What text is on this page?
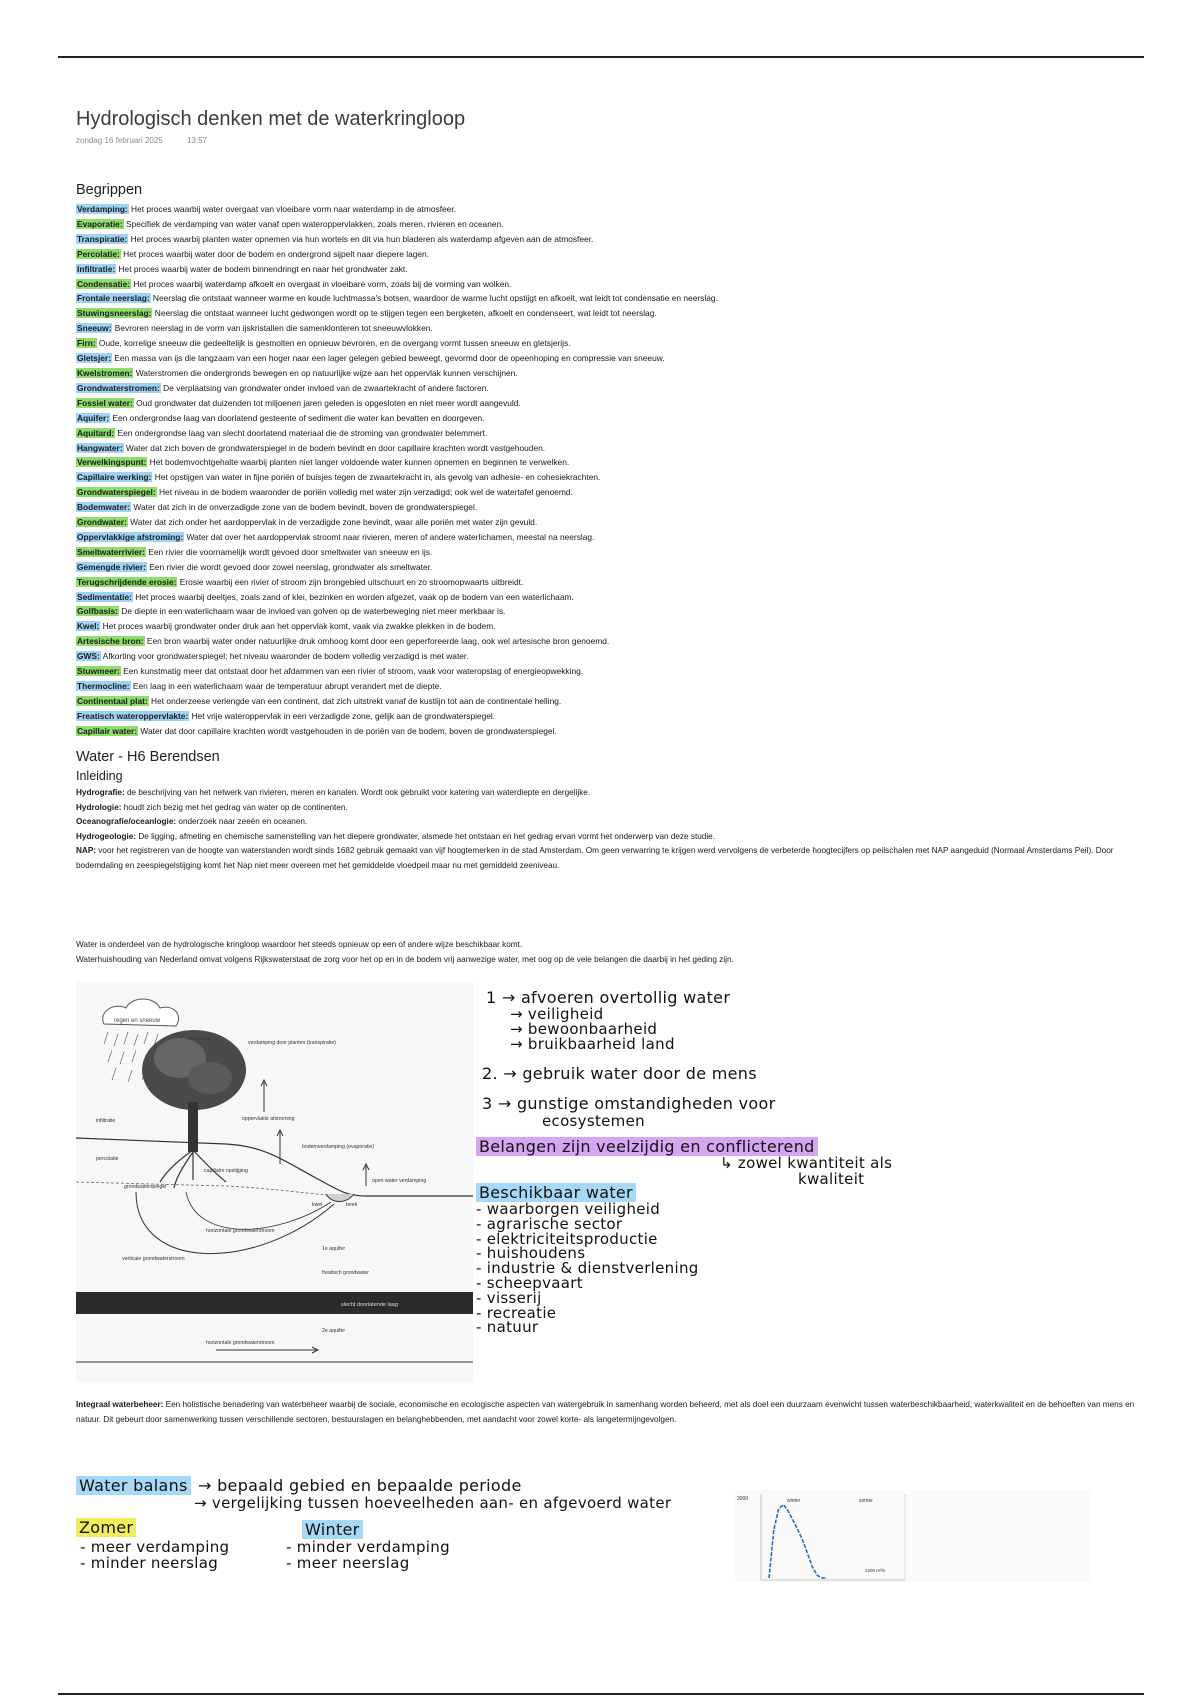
Hydrologisch denken met de waterkringloop
zondag 16 februari 2025	13:57
Begrippen
Verdamping: Het proces waarbij water overgaat van vloeibare vorm naar waterdamp in de atmosfeer.
Evaporatie: Specifiek de verdamping van water vanaf open wateroppervlakken, zoals meren, rivieren en oceanen.
Transpiratie: Het proces waarbij planten water opnemen via hun wortels en dit via hun bladeren als waterdamp afgeven aan de atmosfeer.
Percolatie: Het proces waarbij water door de bodem en ondergrond sijpelt naar diepere lagen.
Infiltratie: Het proces waarbij water de bodem binnendringt en naar het grondwater zakt.
Condensatie: Het proces waarbij waterdamp afkoelt en overgaat in vloeibare vorm, zoals bij de vorming van wolken.
Frontale neerslag: Neerslag die ontstaat wanneer warme en koude luchtmassa's botsen, waardoor de warme lucht opstijgt en afkoelt, wat leidt tot condensatie en neerslag.
Stuwingsneerslag: Neerslag die ontstaat wanneer lucht gedwongen wordt op te stijgen tegen een bergketen, afkoelt en condenseert, wat leidt tot neerslag.
Sneeuw: Bevroren neerslag in de vorm van ijskristallen die samenklonteren tot sneeuwvlokken.
Firn: Oude, korrelige sneeuw die gedeeltelijk is gesmolten en opnieuw bevroren, en de overgang vormt tussen sneeuw en gletsjerijs.
Gletsjer: Een massa van ijs die langzaam van een hoger naar een lager gelegen gebied beweegt, gevormd door de opeenhoping en compressie van sneeuw.
Kwelstromen: Waterstromen die ondergronds bewegen en op natuurlijke wijze aan het oppervlak kunnen verschijnen.
Grondwaterstromen: De verplaatsing van grondwater onder invloed van de zwaartekracht of andere factoren.
Fossiel water: Oud grondwater dat duizenden tot miljoenen jaren geleden is opgesloten en niet meer wordt aangevuld.
Aquifer: Een ondergrondse laag van doorlatend gesteente of sediment die water kan bevatten en doorgeven.
Aquitard: Een ondergrondse laag van slecht doorlatend materiaal die de stroming van grondwater belemmert.
Hangwater: Water dat zich boven de grondwaterspiegel in de bodem bevindt en door capillaire krachten wordt vastgehouden.
Verwelkingspunt: Het bodemvochtgehalte waarbij planten niet langer voldoende water kunnen opnemen en beginnen te verwelken.
Capillaire werking: Het opstijgen van water in fijne poriën of buisjes tegen de zwaartekracht in, als gevolg van adhesie- en cohesiekrachten.
Grondwaterspiegel: Het niveau in de bodem waaronder de poriën volledig met water zijn verzadigd; ook wel de watertafel genoemd.
Bodemwater: Water dat zich in de onverzadigde zone van de bodem bevindt, boven de grondwaterspiegel.
Grondwater: Water dat zich onder het aardoppervlak in de verzadigde zone bevindt, waar alle poriën met water zijn gevuld.
Oppervlakkige afstroming: Water dat over het aardoppervlak stroomt naar rivieren, meren of andere waterlichamen, meestal na neerslag.
Smeltwaterrivier: Een rivier die voornamelijk wordt gevoed door smeltwater van sneeuw en ijs.
Gemengde rivier: Een rivier die wordt gevoed door zowel neerslag, grondwater als smeltwater.
Terugschrijdende erosie: Erosie waarbij een rivier of stroom zijn brongebied uitschuurt en zo stroomopwaarts uitbreidt.
Sedimentatie: Het proces waarbij deeltjes, zoals zand of klei, bezinken en worden afgezet, vaak op de bodem van een waterlichaam.
Golfbasis: De diepte in een waterlichaam waar de invloed van golven op de waterbeweging niet meer merkbaar is.
Kwel: Het proces waarbij grondwater onder druk aan het oppervlak komt, vaak via zwakke plekken in de bodem.
Artesische bron: Een bron waarbij water onder natuurlijke druk omhoog komt door een geperforeerde laag, ook wel artesische bron genoemd.
GWS: Afkorting voor grondwaterspiegel; het niveau waaronder de bodem volledig verzadigd is met water.
Stuwmeer: Een kunstmatig meer dat ontstaat door het afdammen van een rivier of stroom, vaak voor wateropslag of energieopwekking.
Thermocline: Een laag in een waterlichaam waar de temperatuur abrupt verandert met de diepte.
Continentaal plat: Het onderzeese verlengde van een continent, dat zich uitstrekt vanaf de kustlijn tot aan de continentale helling.
Freatisch wateroppervlakte: Het vrije wateroppervlak in een verzadigde zone, gelijk aan de grondwaterspiegel.
Capillair water: Water dat door capillaire krachten wordt vastgehouden in de poriën van de bodem, boven de grondwaterspiegel.
Water - H6 Berendsen
Inleiding

Hydrografie: de beschrijving van het netwerk van rivieren, meren en kanalen. Wordt ook gebruikt voor katering van waterdiepte en dergelijke.

Hydrologie: houdt zich bezig met het gedrag van water op de continenten.

Oceanografie/oceanlogie: onderzoek naar zeeën en oceanen.

Hydrogeologie: De ligging, afmeting en chemische samenstelling van het diepere grondwater, alsmede het ontstaan en het gedrag ervan vormt het onderwerp van deze studie.

NAP: voor het registreren van de hoogte van waterstanden wordt sinds 1682 gebruik gemaakt van vijf hoogtemerken in de stad Amsterdam. Om geen verwarring te krijgen werd vervolgens de verbeterde hoogtecijfers op peilschalen met NAP aangeduid (Normaal Amsterdams Peil). Door bodemdaling en zeespiegelstijging komt het Nap niet meer overeen met het gemiddelde vloedpeil maar nu met gemiddeld zeeniveau.

Water is onderdeel van de hydrologische kringloop waardoor het steeds opnieuw op een of andere wijze beschikbaar komt.

Waterhuishouding van Nederland omvat volgens Rijkswaterstaat de zorg voor het op en in de bodem vrij aanwezige water, met oog op de vele belangen die daarbij in het geding zijn.

regen en sneeuw
slecht doorlatende laag
interceptie
verdamping door planten (transpiratie)
infiltratie	oppervlakte afstroming
bodemverdamping (evaporatie)
percolatie
capillaire opstijging
open water verdamping
grondwaterspiegel
kwel	beek
horizontale grondwaterstroom
verticale grondwaterstroom
1e aquifer
freatisch grondwater
2e aquifer
horizontale grondwaterstroom
1 → afvoeren overtollig water
→ veiligheid
→ bewoonbaarheid
→ bruikbaarheid land
2. → gebruik water door de mens
3 → gunstige omstandigheden voor
ecosystemen
Belangen zijn veelzijdig en conflicterend
↳ zowel kwantiteit als
kwaliteit
Beschikbaar water

Integraal waterbeheer: Een holistische benadering van waterbeheer waarbij de sociale, economische en ecologische aspecten van watergebruik in samenhang worden beheerd, met als doel een duurzaam evenwicht tussen waterbeschikbaarheid, waterkwaliteit en de behoeften van mens en natuur. Dit gebeurt door samenwerking tussen verschillende sectoren, bestuurslagen en belanghebbenden, met aandacht voor zowel korte- als langetermijngevolgen.

Water balans → bepaald gebied en bepaalde periode
→ vergelijking tussen hoeveelheden aan- en afgevoerd water
Zomer
- meer verdamping
- minder neerslag
Winter
- minder verdamping
- meer neerslag
3000	winter	zomer
2200 m³/s
- waarborgen veiligheid
- agrarische sector
- elektriciteitsproductie
- huishoudens
- industrie & dienstverlening
- scheepvaart
- visserij
- recreatie
- natuur
